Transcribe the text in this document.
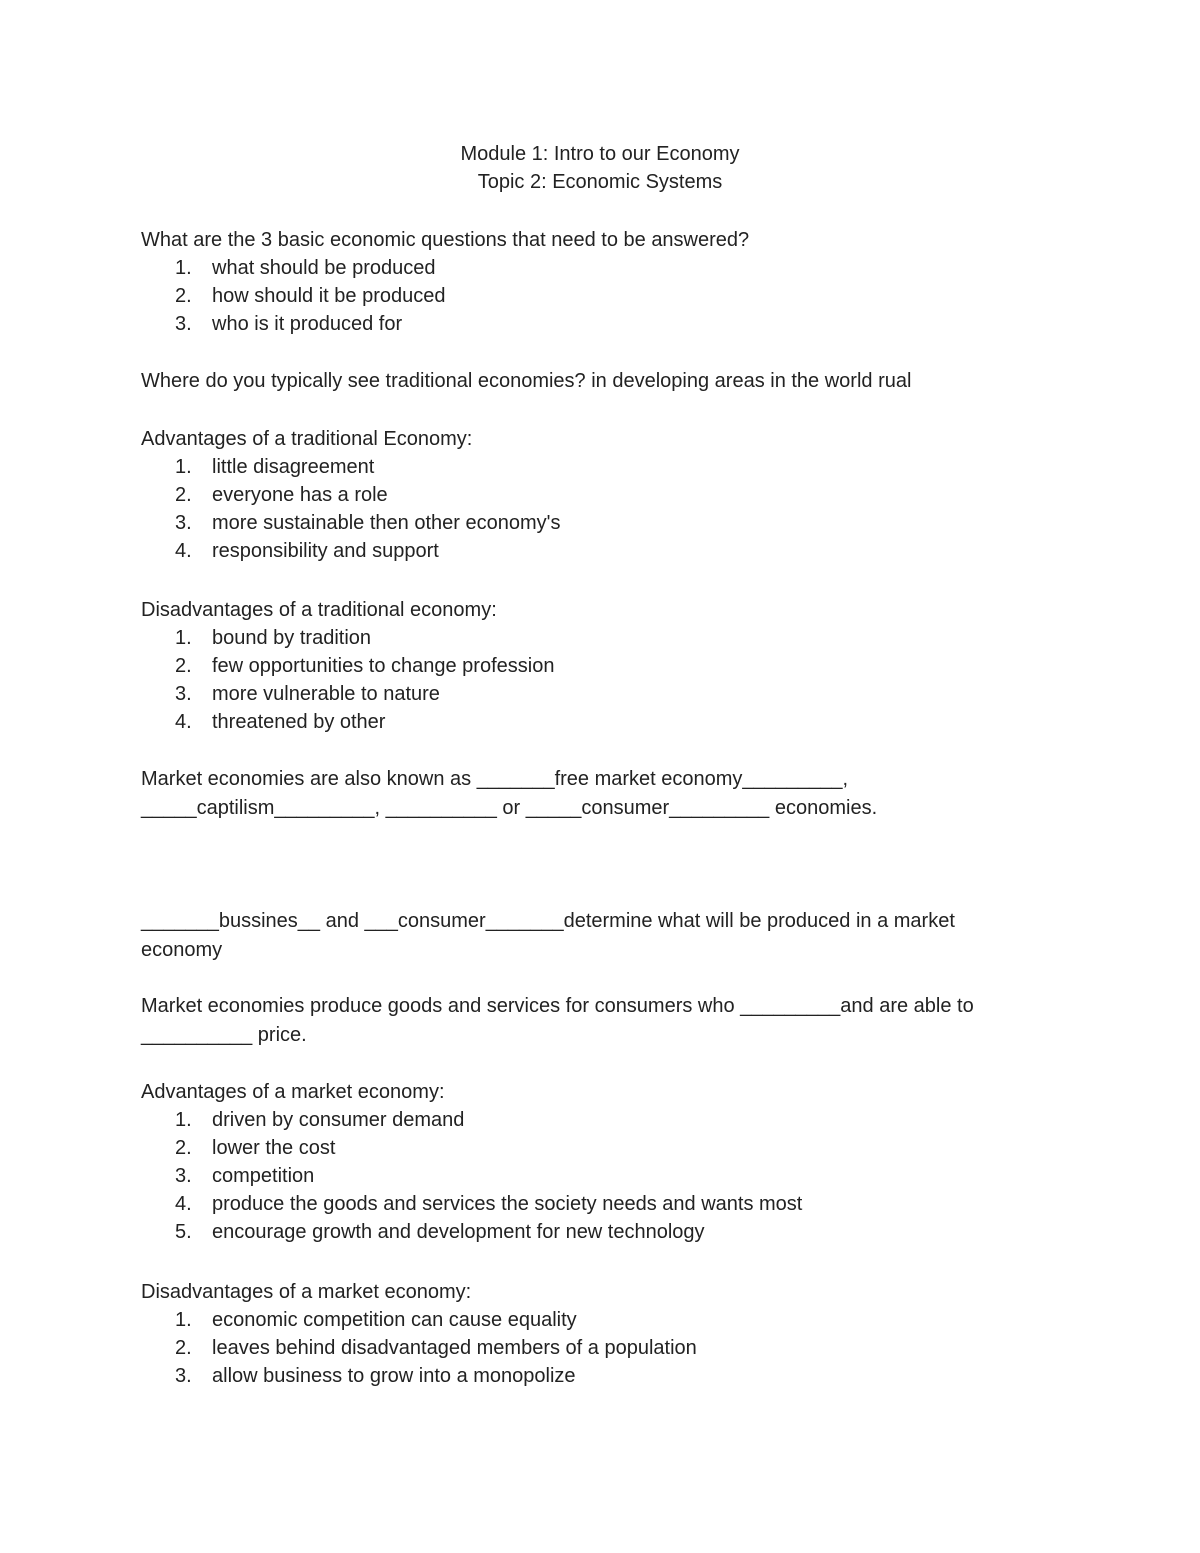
Module 1: Intro to our Economy
Topic 2: Economic Systems

What are the 3 basic economic questions that need to be answered?

1. what should be produced
2. how should it be produced
3. who is it produced for

Where do you typically see traditional economies? in developing areas in the world rual

Advantages of a traditional Economy:

1. little disagreement
2. everyone has a role
3. more sustainable then other economy's
4. responsibility and support

Disadvantages of a traditional economy:

1. bound by tradition
2. few opportunities to change profession
3. more vulnerable to nature
4. threatened by other

Market economies are also known as _______free market economy_________,

_____captilism_________, __________ or _____consumer_________ economies.

_______bussines__ and ___consumer_______determine what will be produced in a market

economy

Market economies produce goods and services for consumers who _________and are able to

__________ price.

Advantages of a market economy:

1. driven by consumer demand
2. lower the cost
3. competition
4. produce the goods and services the society needs and wants most
5. encourage growth and development for new technology

Disadvantages of a market economy:

1. economic competition can cause equality
2. leaves behind disadvantaged members of a population
3. allow business to grow into a monopolize
